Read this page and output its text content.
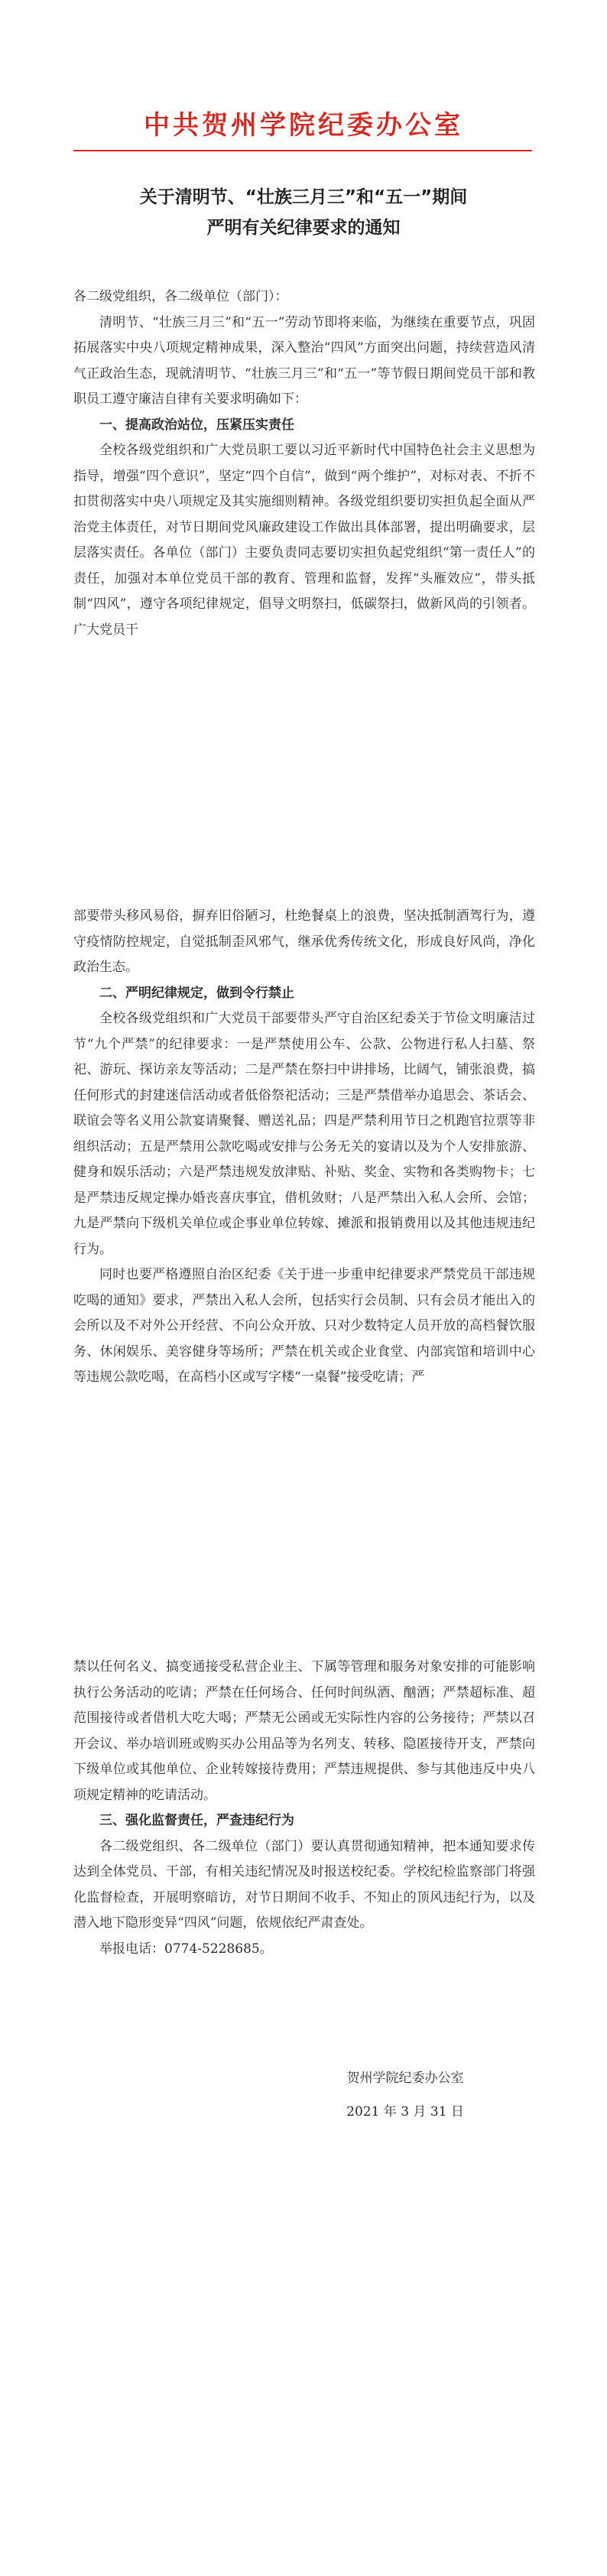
中共贺州学院纪委办公室
关于清明节、“壮族三月三”和“五一”期间
严明有关纪律要求的通知

各二级党组织，各二级单位（部门）：

清明节、“壮族三月三”和“五一”劳动节即将来临，为继续在重要节点，巩固拓展落实中央八项规定精神成果，深入整治“四风”方面突出问题，持续营造风清气正政治生态，现就清明节、“壮族三月三”和“五一”等节假日期间党员干部和教职员工遵守廉洁自律有关要求明确如下：

一、提高政治站位，压紧压实责任

全校各级党组织和广大党员职工要以习近平新时代中国特色社会主义思想为指导，增强“四个意识”，坚定“四个自信”，做到“两个维护”，对标对表、不折不扣贯彻落实中央八项规定及其实施细则精神。各级党组织要切实担负起全面从严治党主体责任，对节日期间党风廉政建设工作做出具体部署，提出明确要求，层层落实责任。各单位（部门）主要负责同志要切实担负起党组织“第一责任人”的责任，加强对本单位党员干部的教育、管理和监督，发挥“头雁效应”，带头抵制“四风”，遵守各项纪律规定，倡导文明祭扫，低碳祭扫，做新风尚的引领者。广大党员干

部要带头移风易俗，摒弃旧俗陋习，杜绝餐桌上的浪费，坚决抵制酒驾行为，遵守疫情防控规定，自觉抵制歪风邪气，继承优秀传统文化，形成良好风尚，净化政治生态。

二、严明纪律规定，做到令行禁止

全校各级党组织和广大党员干部要带头严守自治区纪委关于节俭文明廉洁过节“九个严禁”的纪律要求：一是严禁使用公车、公款、公物进行私人扫墓、祭祀、游玩、探访亲友等活动；二是严禁在祭扫中讲排场，比阔气，铺张浪费，搞任何形式的封建迷信活动或者低俗祭祀活动；三是严禁借举办追思会、茶话会、联谊会等名义用公款宴请聚餐、赠送礼品；四是严禁利用节日之机跑官拉票等非组织活动；五是严禁用公款吃喝或安排与公务无关的宴请以及为个人安排旅游、健身和娱乐活动；六是严禁违规发放津贴、补贴、奖金、实物和各类购物卡；七是严禁违反规定操办婚丧喜庆事宜，借机敛财；八是严禁出入私人会所、会馆；九是严禁向下级机关单位或企事业单位转嫁、摊派和报销费用以及其他违规违纪行为。

同时也要严格遵照自治区纪委《关于进一步重申纪律要求严禁党员干部违规吃喝的通知》要求，严禁出入私人会所，包括实行会员制、只有会员才能出入的会所以及不对外公开经营、不向公众开放、只对少数特定人员开放的高档餐饮服务、休闲娱乐、美容健身等场所；严禁在机关或企业食堂、内部宾馆和培训中心等违规公款吃喝，在高档小区或写字楼“一桌餐”接受吃请；严

禁以任何名义、搞变通接受私营企业主、下属等管理和服务对象安排的可能影响执行公务活动的吃请；严禁在任何场合、任何时间纵酒、酗酒；严禁超标准、超范围接待或者借机大吃大喝；严禁无公函或无实际性内容的公务接待；严禁以召开会议、举办培训班或购买办公用品等为名列支、转移、隐匿接待开支，严禁向下级单位或其他单位、企业转嫁接待费用；严禁违规提供、参与其他违反中央八项规定精神的吃请活动。

三、强化监督责任，严查违纪行为

各二级党组织、各二级单位（部门）要认真贯彻通知精神，把本通知要求传达到全体党员、干部，有相关违纪情况及时报送校纪委。学校纪检监察部门将强化监督检查，开展明察暗访，对节日期间不收手、不知止的顶风违纪行为，以及潜入地下隐形变异“四风”问题，依规依纪严肃查处。

举报电话：0774-5228685。

贺州学院纪委办公室
2021 年 3 月 31 日
